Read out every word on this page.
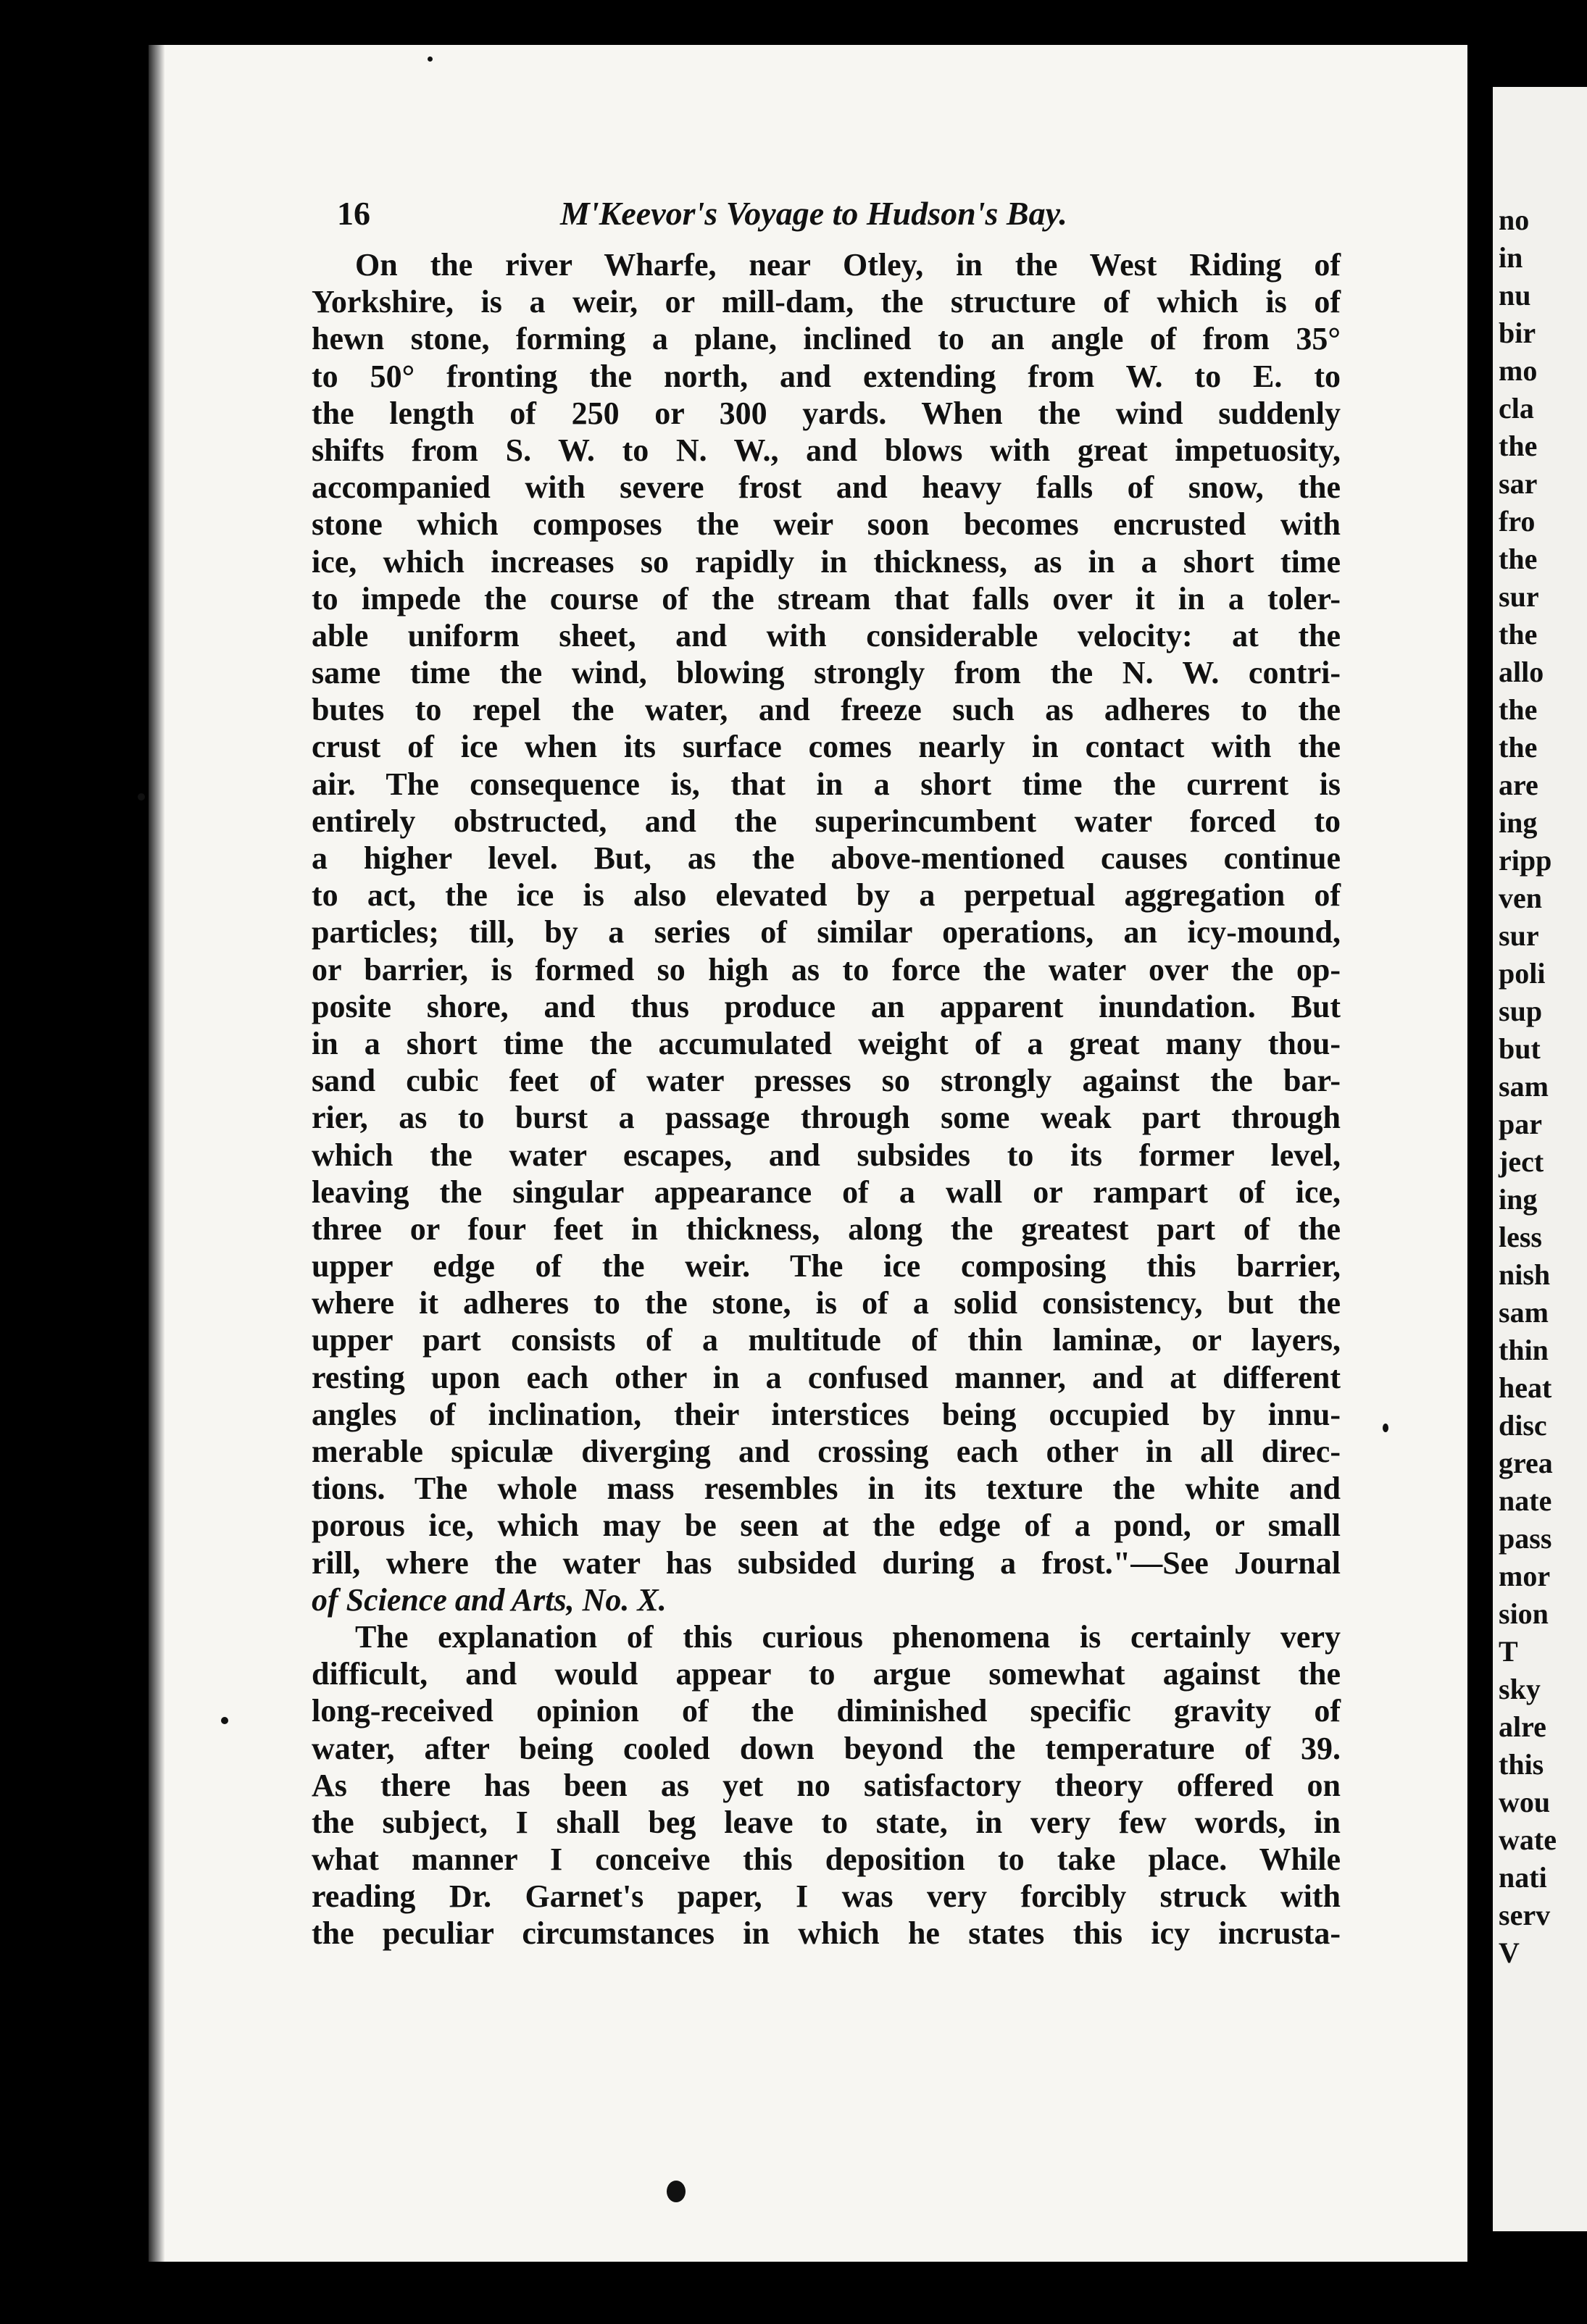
no
in
nu
bir
mo
cla
the
sar
fro
the
sur
the
allo
the
the
are
ing
ripp
ven
sur
poli
sup
but
sam
par
ject
ing
less
nish
sam
thin
heat
disc
grea
nate
pass
mor
sion
T
sky
alre
this
wou
wate
nati
serv
V
16	M'Keevor's Voyage to Hudson's Bay.
On the river Wharfe, near Otley, in the West Riding of
Yorkshire, is a weir, or mill-dam, the structure of which is of
hewn stone, forming a plane, inclined to an angle of from 35°
to 50° fronting the north, and extending from W. to E. to
the length of 250 or 300 yards. When the wind suddenly
shifts from S. W. to N. W., and blows with great impetuosity,
accompanied with severe frost and heavy falls of snow, the
stone which composes the weir soon becomes encrusted with
ice, which increases so rapidly in thickness, as in a short time
to impede the course of the stream that falls over it in a toler-
able uniform sheet, and with considerable velocity: at the
same time the wind, blowing strongly from the N. W. contri-
butes to repel the water, and freeze such as adheres to the
crust of ice when its surface comes nearly in contact with the
air. The consequence is, that in a short time the current is
entirely obstructed, and the superincumbent water forced to
a higher level. But, as the above-mentioned causes continue
to act, the ice is also elevated by a perpetual aggregation of
particles; till, by a series of similar operations, an icy-mound,
or barrier, is formed so high as to force the water over the op-
posite shore, and thus produce an apparent inundation. But
in a short time the accumulated weight of a great many thou-
sand cubic feet of water presses so strongly against the bar-
rier, as to burst a passage through some weak part through
which the water escapes, and subsides to its former level,
leaving the singular appearance of a wall or rampart of ice,
three or four feet in thickness, along the greatest part of the
upper edge of the weir. The ice composing this barrier,
where it adheres to the stone, is of a solid consistency, but the
upper part consists of a multitude of thin laminæ, or layers,
resting upon each other in a confused manner, and at different
angles of inclination, their interstices being occupied by innu-
merable spiculæ diverging and crossing each other in all direc-
tions. The whole mass resembles in its texture the white and
porous ice, which may be seen at the edge of a pond, or small
rill, where the water has subsided during a frost."—See Journal
of Science and Arts, No. X.
The explanation of this curious phenomena is certainly very
difficult, and would appear to argue somewhat against the
long-received opinion of the diminished specific gravity of
water, after being cooled down beyond the temperature of 39.
As there has been as yet no satisfactory theory offered on
the subject, I shall beg leave to state, in very few words, in
what manner I conceive this deposition to take place. While
reading Dr. Garnet's paper, I was very forcibly struck with
the peculiar circumstances in which he states this icy incrusta-
